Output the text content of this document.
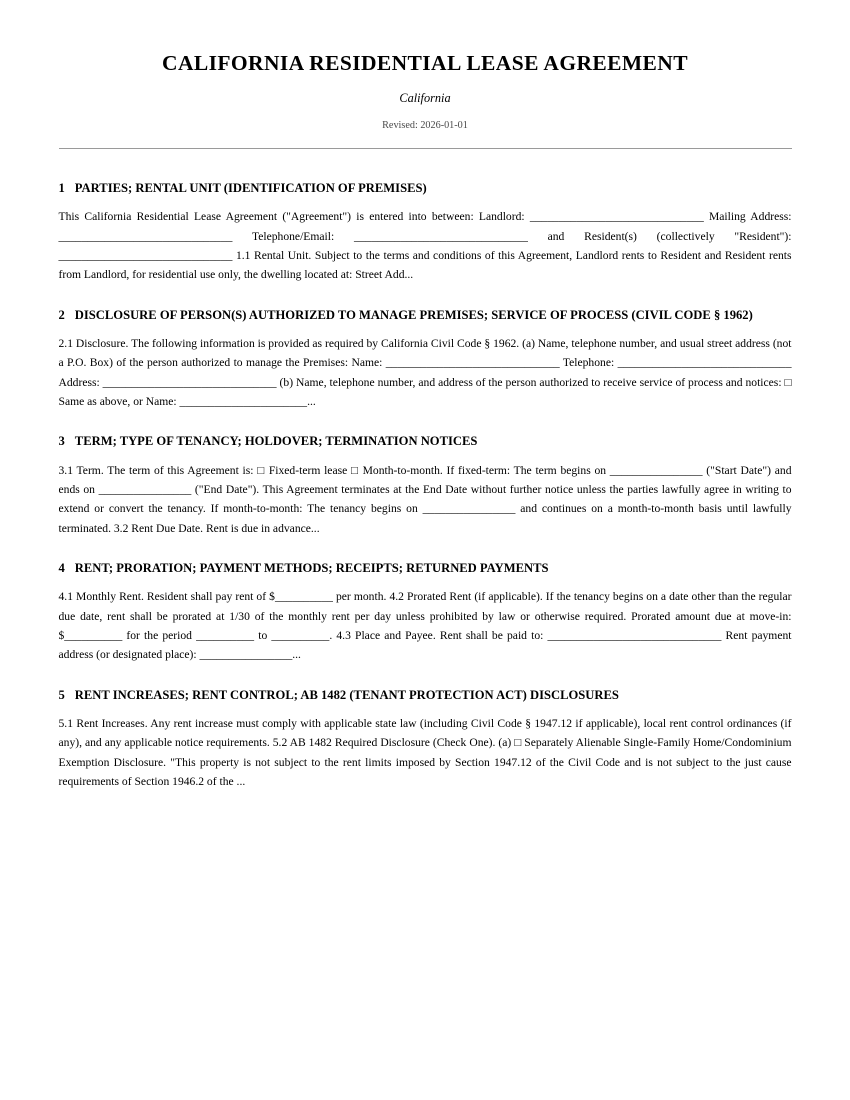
CALIFORNIA RESIDENTIAL LEASE AGREEMENT
California
Revised: 2026-01-01
1 PARTIES; RENTAL UNIT (IDENTIFICATION OF PREMISES)

This California Residential Lease Agreement ("Agreement") is entered into between: Landlord: ______________________________ Mailing Address: ______________________________ Telephone/Email: ______________________________ and Resident(s) (collectively "Resident"): ______________________________ 1.1 Rental Unit. Subject to the terms and conditions of this Agreement, Landlord rents to Resident and Resident rents from Landlord, for residential use only, the dwelling located at: Street Add...

2 DISCLOSURE OF PERSON(S) AUTHORIZED TO MANAGE PREMISES; SERVICE OF PROCESS (CIVIL CODE § 1962)

2.1 Disclosure. The following information is provided as required by California Civil Code § 1962. (a) Name, telephone number, and usual street address (not a P.O. Box) of the person authorized to manage the Premises: Name: ______________________________ Telephone: ______________________________ Address: ______________________________ (b) Name, telephone number, and address of the person authorized to receive service of process and notices: □ Same as above, or Name: ______________________...

3 TERM; TYPE OF TENANCY; HOLDOVER; TERMINATION NOTICES

3.1 Term. The term of this Agreement is: □ Fixed-term lease □ Month-to-month. If fixed-term: The term begins on ________________ ("Start Date") and ends on ________________ ("End Date"). This Agreement terminates at the End Date without further notice unless the parties lawfully agree in writing to extend or convert the tenancy. If month-to-month: The tenancy begins on ________________ and continues on a month-to-month basis until lawfully terminated. 3.2 Rent Due Date. Rent is due in advance...

4 RENT; PRORATION; PAYMENT METHODS; RECEIPTS; RETURNED PAYMENTS

4.1 Monthly Rent. Resident shall pay rent of $__________ per month. 4.2 Prorated Rent (if applicable). If the tenancy begins on a date other than the regular due date, rent shall be prorated at 1/30 of the monthly rent per day unless prohibited by law or otherwise required. Prorated amount due at move-in: $__________ for the period __________ to __________. 4.3 Place and Payee. Rent shall be paid to: ______________________________ Rent payment address (or designated place): ________________...

5 RENT INCREASES; RENT CONTROL; AB 1482 (TENANT PROTECTION ACT) DISCLOSURES

5.1 Rent Increases. Any rent increase must comply with applicable state law (including Civil Code § 1947.12 if applicable), local rent control ordinances (if any), and any applicable notice requirements. 5.2 AB 1482 Required Disclosure (Check One). (a) □ Separately Alienable Single-Family Home/Condominium Exemption Disclosure. "This property is not subject to the rent limits imposed by Section 1947.12 of the Civil Code and is not subject to the just cause requirements of Section 1946.2 of the ...
